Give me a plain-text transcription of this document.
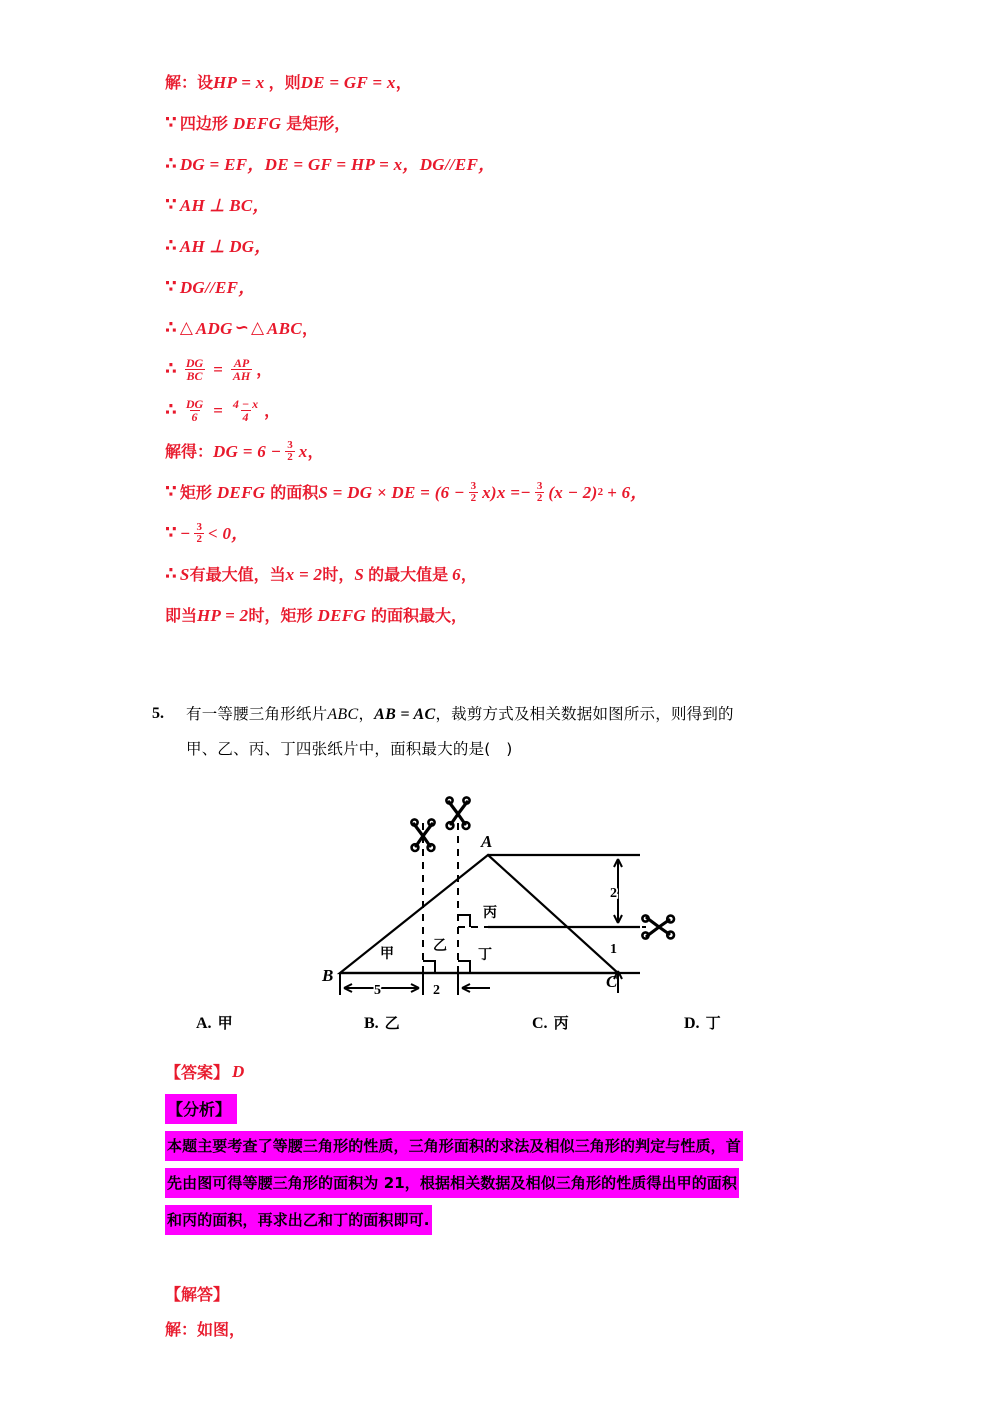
解：设 HP = x ，则 DE = GF = x ，
∵ 四边形 DEFG 是矩形，
∴ DG = EF，DE = GF = HP = x，DG//EF，
∵ AH ⊥ BC，
∴ AH ⊥ DG，
∵ DG//EF，
∴ △ ADG ∽ △ ABC ，
∴ $\frac{DG}{BC} = \frac{AP}{AH}$ ，
∴ $\frac{DG}{6} = \frac{4 - x}{4}$ ，
解得： DG = $6 - \frac{3}{2}$ x ，
∵ 矩形 DEFG 的面积 S = DG × DE = $(6 - \frac{3}{2} x)x =- \frac{3}{2} (x - 2)$ 2 + 6，
∵ − $\frac{3}{2} < 0$，
∴ S 有最大值，当 x = 2 时， S 的最大值是 6 ，
即当 HP = 2 时，矩形 DEFG 的面积最大，
5.	有一等腰三角形纸片ABC，AB = AC，裁剪方式及相关数据如图所示，则得到的
甲、乙、丙、丁四张纸片中，面积最大的是(　)
A
B	C
甲	乙
丙
丁
5	2
2
1
A. 甲	B. 乙	C. 丙	D. 丁
【答案】 D
【分析】
本题主要考查了等腰三角形的性质，三角形面积的求法及相似三角形的判定与性质，首
先由图可得等腰三角形的面积为 21，根据相关数据及相似三角形的性质得出甲的面积
和丙的面积，再求出乙和丁的面积即可.
【解答】
解：如图，
